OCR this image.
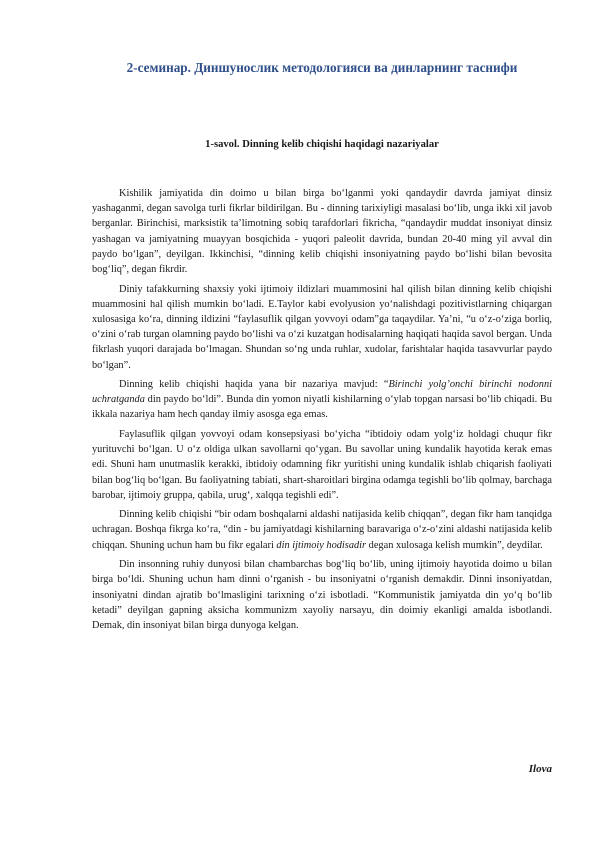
2-семинар. Диншунослик методологияси ва динларнинг таснифи
1-savol. Dinning kelib chiqishi haqidagi nazariyalar

Kishilik jamiyatida din doimo u bilan birga bo‘lganmi yoki qandaydir davrda jamiyat dinsiz yashaganmi, degan savolga turli fikrlar bildirilgan. Bu - dinning tarixiyligi masalasi bo‘lib, unga ikki xil javob berganlar. Birinchisi, marksistik ta’limotning sobiq tarafdorlari fikricha, “qandaydir muddat insoniyat dinsiz yashagan va jamiyatning muayyan bosqichida - yuqori paleolit davrida, bundan 20-40 ming yil avval din paydo bo‘lgan”, deyilgan. Ikkinchisi, “dinning kelib chiqishi insoniyatning paydo bo‘lishi bilan bevosita bog‘liq”, degan fikrdir.

Diniy tafakkurning shaxsiy yoki ijtimoiy ildizlari muammosini hal qilish bilan dinning kelib chiqishi muammosini hal qilish mumkin bo‘ladi. E.Taylor kabi evolyusion yo‘nalishdagi pozitivistlarning chiqargan xulosasiga ko‘ra, dinning ildizini “faylasuflik qilgan yovvoyi odam”ga taqaydilar. Ya’ni, “u o‘z-o‘ziga borliq, o‘zini o‘rab turgan olamning paydo bo‘lishi va o‘zi kuzatgan hodisalarning haqiqati haqida savol bergan. Unda fikrlash yuqori darajada bo‘lmagan. Shundan so‘ng unda ruhlar, xudolar, farishtalar haqida tasavvurlar paydo bo‘lgan”.

Dinning kelib chiqishi haqida yana bir nazariya mavjud: “Birinchi yolg’onchi birinchi nodonni uchratganda din paydo bo‘ldi”. Bunda din yomon niyatli kishilarning o‘ylab topgan narsasi bo‘lib chiqadi. Bu ikkala nazariya ham hech qanday ilmiy asosga ega emas.

Faylasuflik qilgan yovvoyi odam konsepsiyasi bo‘yicha “ibtidoiy odam yolg‘iz holdagi chuqur fikr yurituvchi bo‘lgan. U o‘z oldiga ulkan savollarni qo‘ygan. Bu savollar uning kundalik hayotida kerak emas edi. Shuni ham unutmaslik kerakki, ibtidoiy odamning fikr yuritishi uning kundalik ishlab chiqarish faoliyati bilan bog‘liq bo‘lgan. Bu faoliyatning tabiati, shart-sharoitlari birgina odamga tegishli bo‘lib qolmay, barchaga barobar, ijtimoiy gruppa, qabila, urug‘, xalqqa tegishli edi”.

Dinning kelib chiqishi “bir odam boshqalarni aldashi natijasida kelib chiqqan”, degan fikr ham tanqidga uchragan. Boshqa fikrga ko‘ra, “din - bu jamiyatdagi kishilarning baravariga o‘z-o‘zini aldashi natijasida kelib chiqqan. Shuning uchun ham bu fikr egalari din ijtimoiy hodisadir degan xulosaga kelish mumkin”, deydilar.

Din insonning ruhiy dunyosi bilan chambarchas bog‘liq bo‘lib, uning ijtimoiy hayotida doimo u bilan birga bo‘ldi. Shuning uchun ham dinni o‘rganish - bu insoniyatni o‘rganish demakdir. Dinni insoniyatdan, insoniyatni dindan ajratib bo‘lmasligini tarixning o‘zi isbotladi. “Kommunistik jamiyatda din yo‘q bo‘lib ketadi” deyilgan gapning aksicha kommunizm xayoliy narsayu, din doimiy ekanligi amalda isbotlandi. Demak, din insoniyat bilan birga dunyoga kelgan.

Ilova
